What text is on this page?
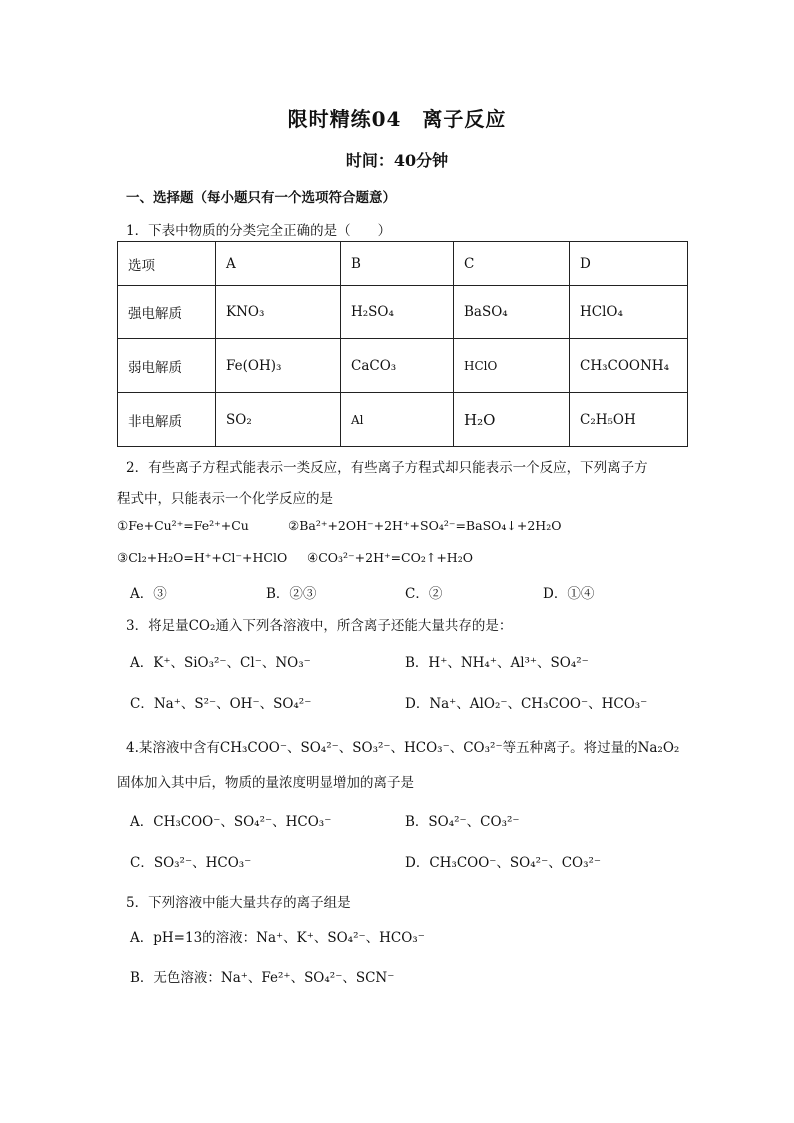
限时精练04　离子反应
时间：40分钟
一、选择题（每小题只有一个选项符合题意）
1．下表中物质的分类完全正确的是（　　）
选项	A	B	C	D
强电解质	KNO₃	H₂SO₄	BaSO₄	HClO₄
弱电解质	Fe(OH)₃	CaCO₃	HClO	CH₃COONH₄
非电解质	SO₂	Al	H₂O	C₂H₅OH
2．有些离子方程式能表示一类反应，有些离子方程式却只能表示一个反应，下列离子方
程式中，只能表示一个化学反应的是
①Fe+Cu²⁺=Fe²⁺+Cu	②Ba²⁺+2OH⁻+2H⁺+SO₄²⁻=BaSO₄↓+2H₂O
③Cl₂+H₂O=H⁺+Cl⁻+HClO ④CO₃²⁻+2H⁺=CO₂↑+H₂O
A．③	B．②③	C．②	D．①④
3．将足量CO₂通入下列各溶液中，所含离子还能大量共存的是：
A．K⁺、SiO₃²⁻、Cl⁻、NO₃⁻	B．H⁺、NH₄⁺、Al³⁺、SO₄²⁻
C．Na⁺、S²⁻、OH⁻、SO₄²⁻	D．Na⁺、AlO₂⁻、CH₃COO⁻、HCO₃⁻
4.某溶液中含有CH₃COO⁻、SO₄²⁻、SO₃²⁻、HCO₃⁻、CO₃²⁻等五种离子。将过量的Na₂O₂
固体加入其中后，物质的量浓度明显增加的离子是
A．CH₃COO⁻、SO₄²⁻、HCO₃⁻	B．SO₄²⁻、CO₃²⁻
C．SO₃²⁻、HCO₃⁻	D．CH₃COO⁻、SO₄²⁻、CO₃²⁻
5．下列溶液中能大量共存的离子组是
A．pH=13的溶液：Na⁺、K⁺、SO₄²⁻、HCO₃⁻
B．无色溶液：Na⁺、Fe²⁺、SO₄²⁻、SCN⁻
